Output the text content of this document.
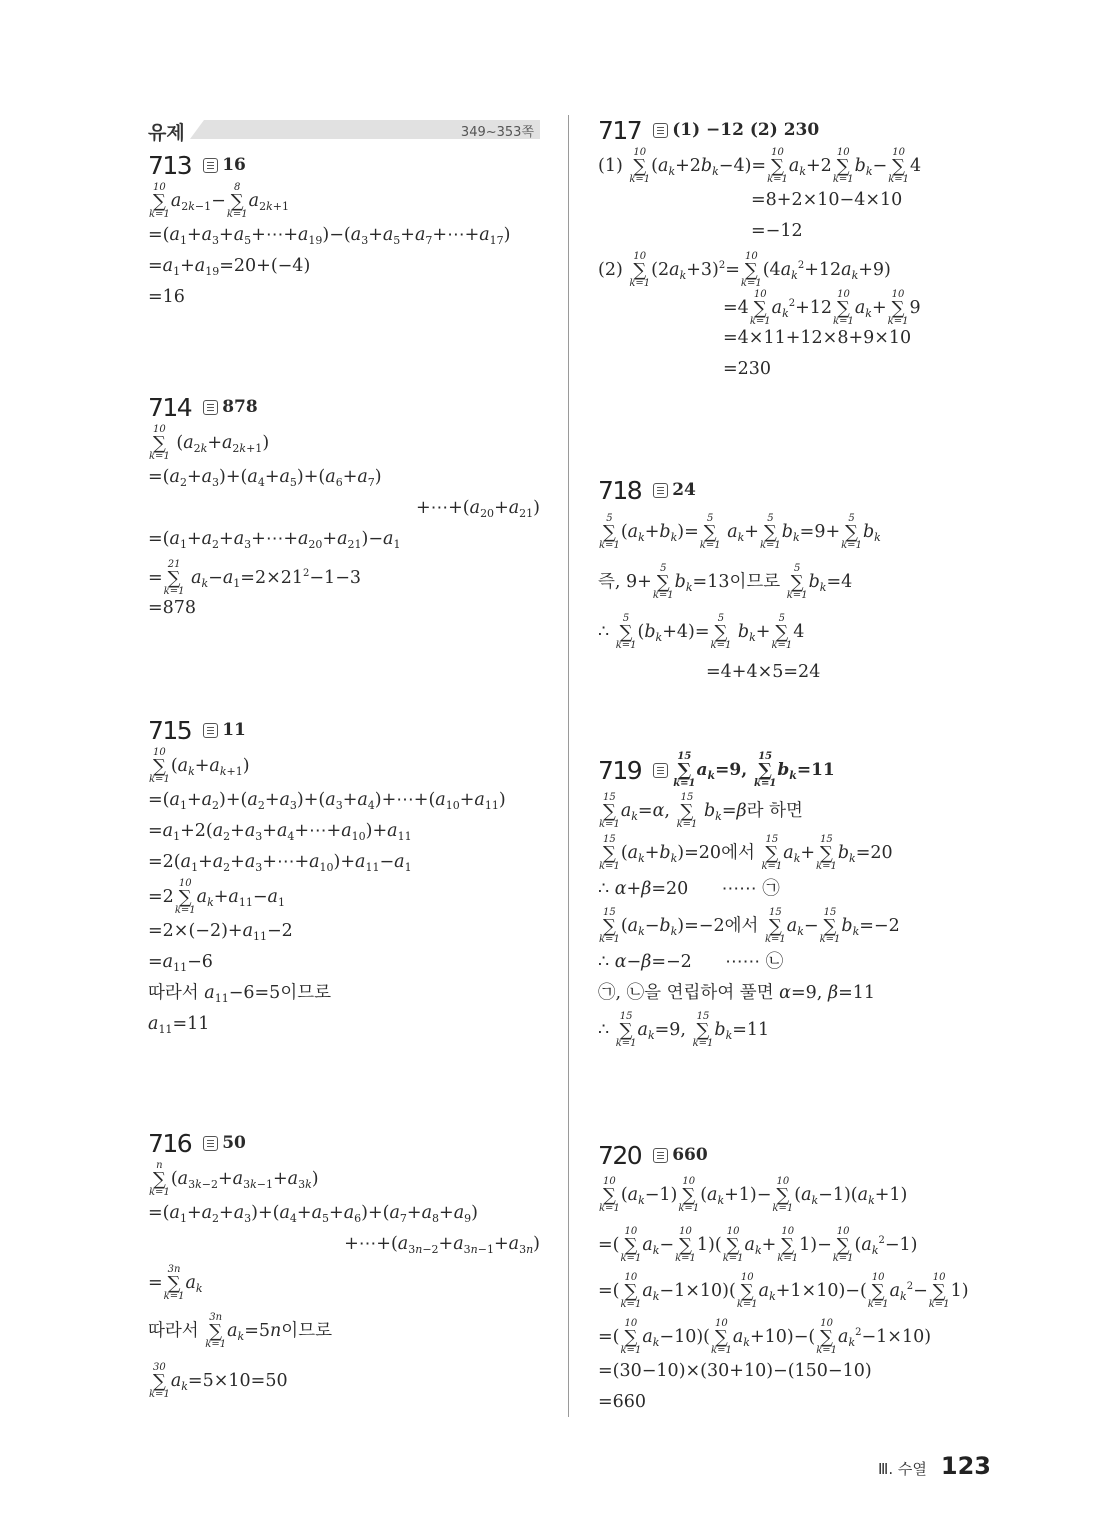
유제	349~353쪽
713 16
10
∑
k=1
$a_{2k-1}-$
8
∑
k=1
$a_{2k+1}$
$=(a_1+a_3+a_5+\cdots+a_{19})-(a_3+a_5+a_7+\cdots+a_{17})$
$=a_1+a_{19}=20+(-4)$
=16
714 878
10
∑
k=1
$(a_{2k}+a_{2k+1})$
$=(a_2+a_3)+(a_4+a_5)+(a_6+a_7)$
$+\cdots+(a_{20}+a_{21})$
$=(a_1+a_2+a_3+\cdots+a_{20}+a_{21})-a_1$
=
21
∑
k=1
$a_k-a_1=2\times 21^2-1-3$
=878
715 11
10
∑
k=1
$(a_k+a_{k+1})$
$=(a_1+a_2)+(a_2+a_3)+(a_3+a_4)+\cdots+(a_{10}+a_{11})$
$=a_1+2(a_2+a_3+a_4+\cdots+a_{10})+a_{11}$
$=2(a_1+a_2+a_3+\cdots+a_{10})+a_{11}-a_1$
=2
10
∑
k=1
$a_k+a_{11}-a_1$
$=2\times(-2)+a_{11}-2$
$=a_{11}-6$
따라서 $a_{11}-6=5$이므로
$a_{11}=11$
716 50
n
∑
k=1
$(a_{3k-2}+a_{3k-1}+a_{3k})$
$=(a_1+a_2+a_3)+(a_4+a_5+a_6)+(a_7+a_8+a_9)$
$+\cdots+(a_{3n-2}+a_{3n-1}+a_{3n})$
=
3n
∑
k=1
$a_k$
따라서
3n
∑
k=1
$a_k=5n$이므로
30
∑
k=1
$a_k=5\times 10=50$
717 (1) −12 (2) 230
(1)
10
∑
k=1
$(a_k+2b_k-4)=$
10
∑
k=1
$a_k+2$
10
∑
k=1
$b_k-$
10
∑
k=1
4
=8+2×10−4×10
=−12
(2)
10
∑
k=1
$(2a_k+3)^2=$
10
∑
k=1
$(4a_k^2+12a_k+9)$
=4
10
∑
k=1
$a_k^2+12$
10
∑
k=1
$a_k+$
10
∑
k=1
9
=4×11+12×8+9×10
=230
718 24
5
∑
k=1
$(a_k+b_k)=$
5
∑
k=1
$a_k+$
5
∑
k=1
$b_k=9+$
5
∑
k=1
$b_k$
즉, 9+
5
∑
k=1
$b_k=13$이므로
5
∑
k=1
$b_k=4$
∴
5
∑
k=1
$(b_k+4)=$
5
∑
k=1
$b_k+$
5
∑
k=1
4
=4+4×5=24
719	15
∑
k=1
$a_k=9$,
15
∑
k=1
$b_k=11$
15
∑
k=1
$a_k=\alpha$,
15
∑
k=1
$b_k=\beta$라 하면
15
∑
k=1
$(a_k+b_k)=20$에서
15
∑
k=1
$a_k+$
15
∑
k=1
$b_k=20$
∴ α+β=20      ⋯⋯ ㉠
15
∑
k=1
$(a_k-b_k)=-2$에서
15
∑
k=1
$a_k-$
15
∑
k=1
$b_k=-2$
∴ α−β=−2      ⋯⋯ ㉡
㉠, ㉡을 연립하여 풀면 α=9, β=11
∴
15
∑
k=1
$a_k=9$,
15
∑
k=1
$b_k=11$
720 660
10
∑
k=1
$(a_k-1)$
10
∑
k=1
$(a_k+1)-$
10
∑
k=1
$(a_k-1)(a_k+1)$
=(
10
∑
k=1
$a_k-$
10
∑
k=1
1)(
10
∑
k=1
$a_k+$
10
∑
k=1
1)−
10
∑
k=1
$(a_k^2-1)$
=(
10
∑
k=1
$a_k-1\times 10$)(
10
∑
k=1
$a_k+1\times 10)-$(
10
∑
k=1
$a_k^2-$
10
∑
k=1
1)
=(
10
∑
k=1
$a_k-10$)(
10
∑
k=1
$a_k+10)-$(
10
∑
k=1
$a_k^2-1\times 10$)
=(30−10)×(30+10)−(150−10)
=660
Ⅲ. 수열 123
